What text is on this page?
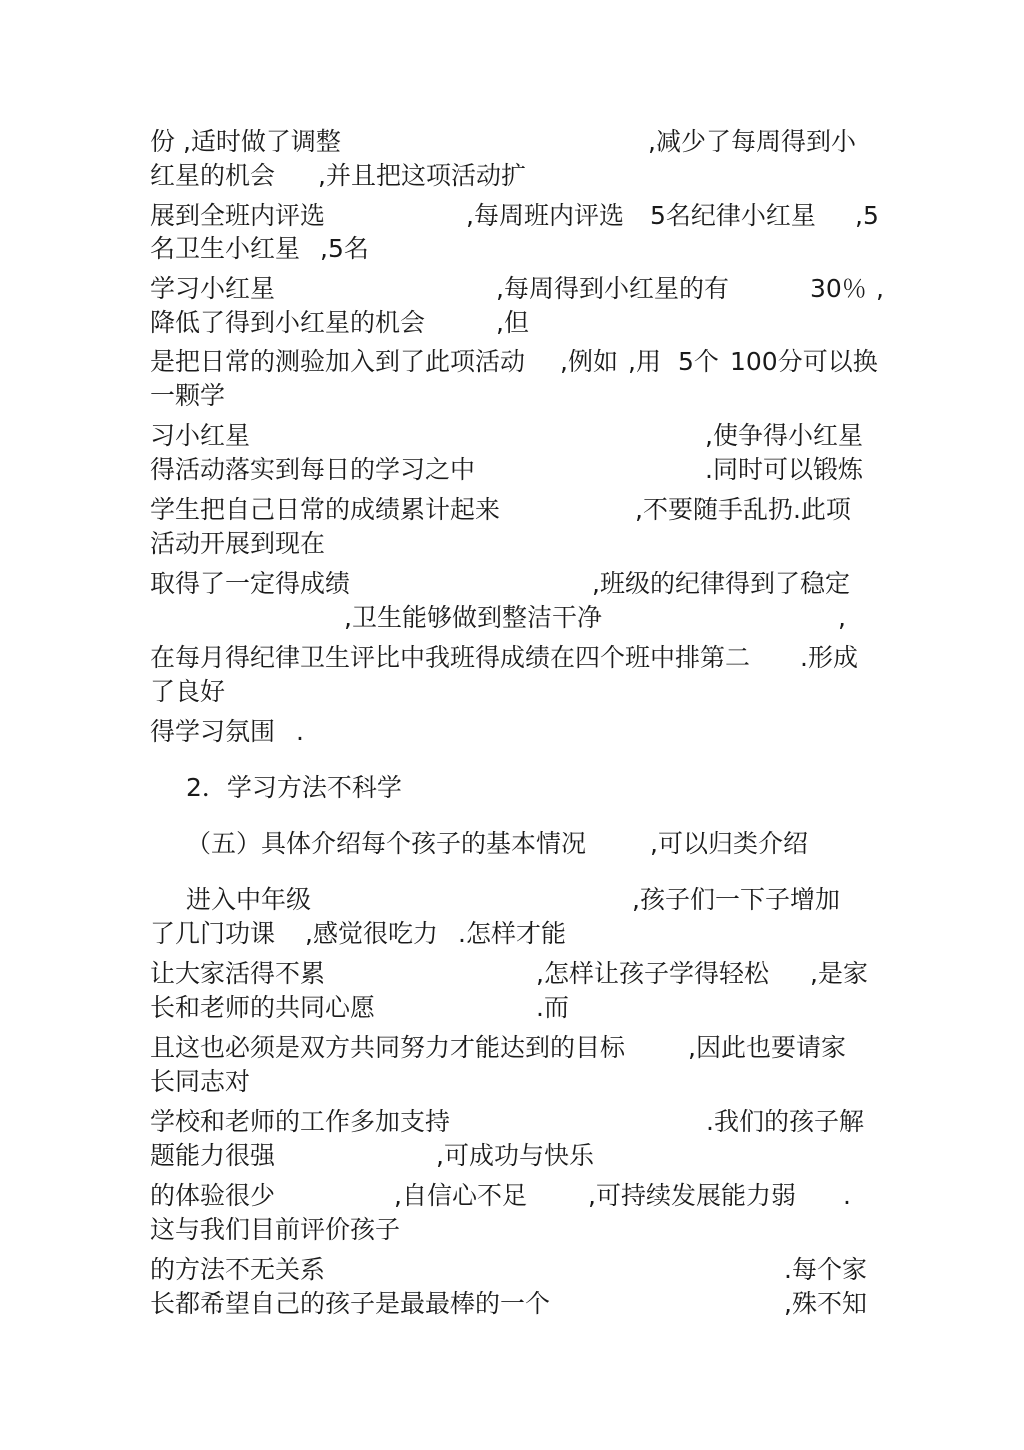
份 ,适时做了调整	,减少了每周得到小

红星的机会 ,并且把这项活动扩

展到全班内评选	,每周班内评选 5名纪律小红星 ,5

名卫生小红星 ,5名

学习小红星	,每周得到小红星的有	30％ ,

降低了得到小红星的机会	,但

是把日常的测验加入到了此项活动 ,例如 ,用 5个 100分可以换

一颗学

习小红星	,使争得小红星

得活动落实到每日的学习之中	.同时可以锻炼

学生把自己日常的成绩累计起来	,不要随手乱扔.此项

活动开展到现在

取得了一定得成绩	,班级的纪律得到了稳定

,卫生能够做到整洁干净	,

在每月得纪律卫生评比中我班得成绩在四个班中排第二 .形成

了良好

得学习氛围 .

2．学习方法不科学

（五）具体介绍每个孩子的基本情况	,可以归类介绍

进入中年级	,孩子们一下子增加

了几门功课 ,感觉很吃力 .怎样才能

让大家活得不累	,怎样让孩子学得轻松 ,是家

长和老师的共同心愿	.而

且这也必须是双方共同努力才能达到的目标	,因此也要请家

长同志对

学校和老师的工作多加支持	.我们的孩子解

题能力很强	,可成功与快乐

的体验很少	,自信心不足 ,可持续发展能力弱 .

这与我们目前评价孩子

的方法不无关系	.每个家

长都希望自己的孩子是最最棒的一个	,殊不知
